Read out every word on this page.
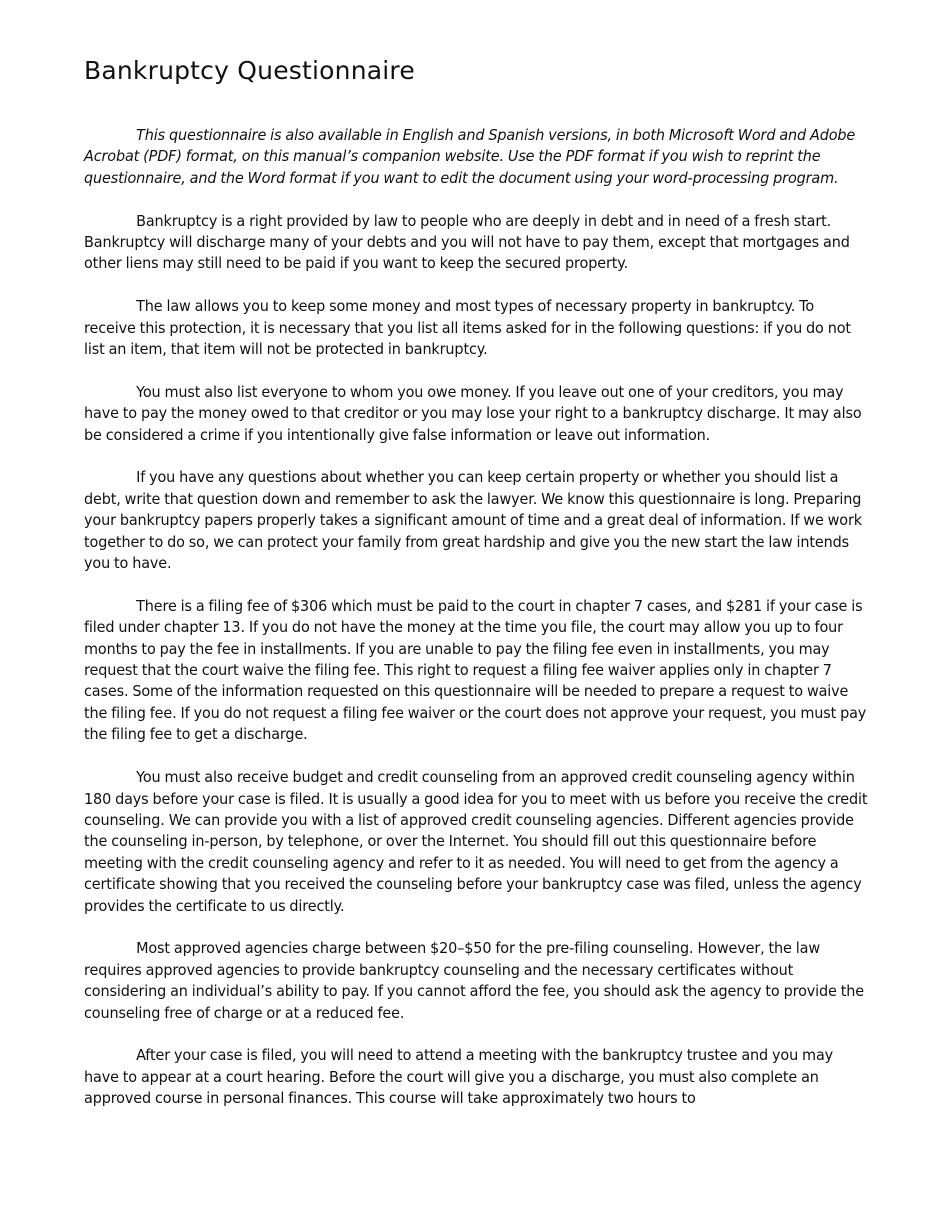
Bankruptcy Questionnaire

This questionnaire is also available in English and Spanish versions, in both Microsoft Word and Adobe Acrobat (PDF) format, on this manual’s companion website. Use the PDF format if you wish to reprint the questionnaire, and the Word format if you want to edit the document using your word-processing program.

Bankruptcy is a right provided by law to people who are deeply in debt and in need of a fresh start. Bankruptcy will discharge many of your debts and you will not have to pay them, except that mortgages and other liens may still need to be paid if you want to keep the secured property.

The law allows you to keep some money and most types of necessary property in bankruptcy. To receive this protection, it is necessary that you list all items asked for in the following questions: if you do not list an item, that item will not be protected in bankruptcy.

You must also list everyone to whom you owe money. If you leave out one of your creditors, you may have to pay the money owed to that creditor or you may lose your right to a bankruptcy discharge. It may also be considered a crime if you intentionally give false information or leave out information.

If you have any questions about whether you can keep certain property or whether you should list a debt, write that question down and remember to ask the lawyer. We know this questionnaire is long. Preparing your bankruptcy papers properly takes a significant amount of time and a great deal of information. If we work together to do so, we can protect your family from great hardship and give you the new start the law intends you to have.

There is a filing fee of $306 which must be paid to the court in chapter 7 cases, and $281 if your case is filed under chapter 13. If you do not have the money at the time you file, the court may allow you up to four months to pay the fee in installments. If you are unable to pay the filing fee even in installments, you may request that the court waive the filing fee. This right to request a filing fee waiver applies only in chapter 7 cases. Some of the information requested on this questionnaire will be needed to prepare a request to waive the filing fee. If you do not request a filing fee waiver or the court does not approve your request, you must pay the filing fee to get a discharge.

You must also receive budget and credit counseling from an approved credit counseling agency within 180 days before your case is filed. It is usually a good idea for you to meet with us before you receive the credit counseling. We can provide you with a list of approved credit counseling agencies. Different agencies provide the counseling in-person, by telephone, or over the Internet. You should fill out this questionnaire before meeting with the credit counseling agency and refer to it as needed. You will need to get from the agency a certificate showing that you received the counseling before your bankruptcy case was filed, unless the agency provides the certificate to us directly.

Most approved agencies charge between $20–$50 for the pre-filing counseling. However, the law requires approved agencies to provide bankruptcy counseling and the necessary certificates without considering an individual’s ability to pay. If you cannot afford the fee, you should ask the agency to provide the counseling free of charge or at a reduced fee.

After your case is filed, you will need to attend a meeting with the bankruptcy trustee and you may have to appear at a court hearing. Before the court will give you a discharge, you must also complete an approved course in personal finances. This course will take approximately two hours to
